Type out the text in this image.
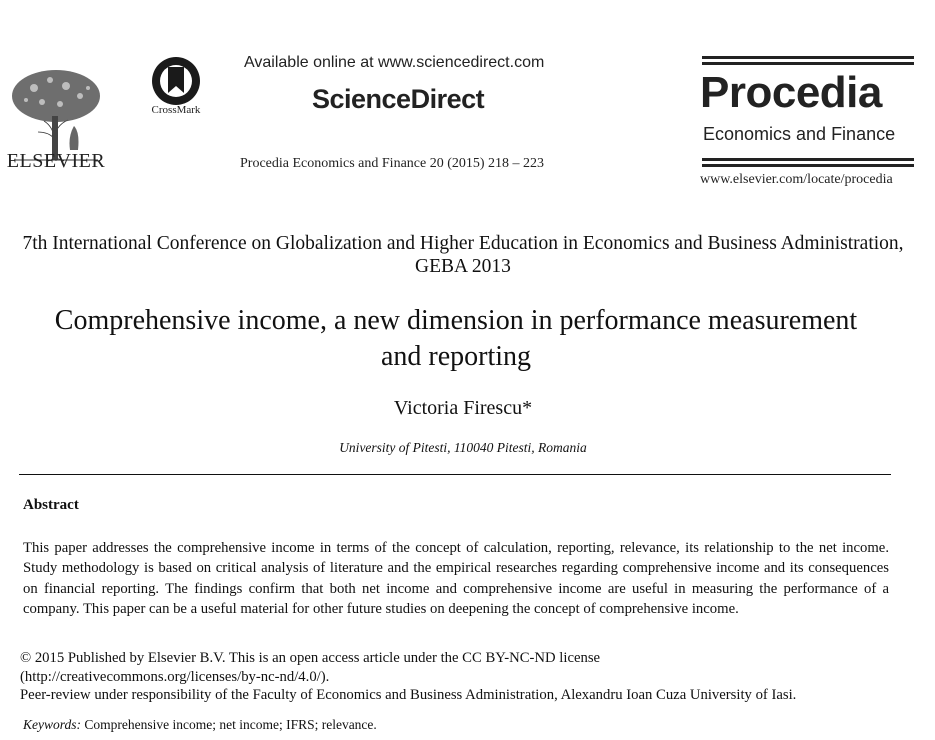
ELSEVIER
CrossMark
Available online at www.sciencedirect.com
ScienceDirect
Procedia Economics and Finance 20 (2015) 218 – 223
Procedia
Economics and Finance
www.elsevier.com/locate/procedia
7th International Conference on Globalization and Higher Education in Economics and Business Administration, GEBA 2013
Comprehensive income, a new dimension in performance measurement and reporting
Victoria Firescu*
University of Pitesti, 110040 Pitesti, Romania
Abstract
This paper addresses the comprehensive income in terms of the concept of calculation, reporting, relevance, its relationship to the net income. Study methodology is based on critical analysis of literature and the empirical researches regarding comprehensive income and its consequences on financial reporting. The findings confirm that both net income and comprehensive income are useful in measuring the performance of a company. This paper can be a useful material for other future studies on deepening the concept of comprehensive income.
© 2015 Published by Elsevier B.V. This is an open access article under the CC BY-NC-ND license
(http://creativecommons.org/licenses/by-nc-nd/4.0/).
Peer-review under responsibility of the Faculty of Economics and Business Administration, Alexandru Ioan Cuza University of Iasi.
Keywords: Comprehensive income; net income; IFRS; relevance.
